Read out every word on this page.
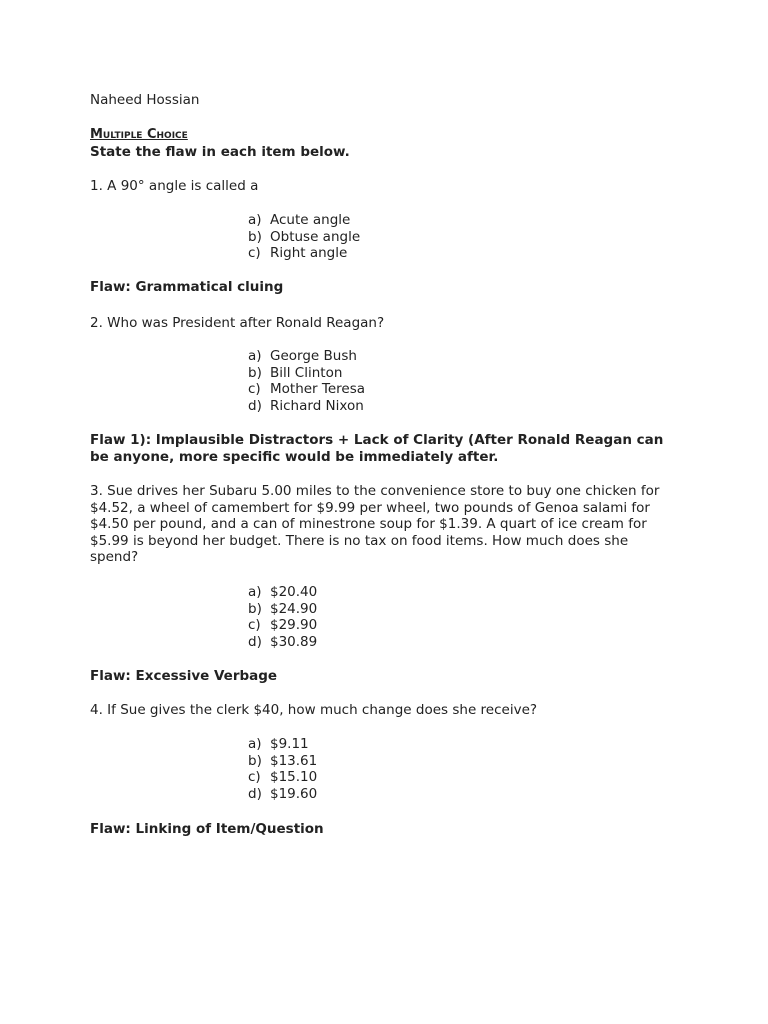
Naheed Hossian
Multiple Choice
State the flaw in each item below.
1. A 90° angle is called a
a) Acute angle
b) Obtuse angle
c) Right angle
Flaw: Grammatical cluing
2. Who was President after Ronald Reagan?
a) George Bush
b) Bill Clinton
c) Mother Teresa
d) Richard Nixon
Flaw 1): Implausible Distractors + Lack of Clarity (After Ronald Reagan can
be anyone, more specific would be immediately after.
3. Sue drives her Subaru 5.00 miles to the convenience store to buy one chicken for
$4.52, a wheel of camembert for $9.99 per wheel, two pounds of Genoa salami for
$4.50 per pound, and a can of minestrone soup for $1.39. A quart of ice cream for
$5.99 is beyond her budget. There is no tax on food items. How much does she
spend?
a) $20.40
b) $24.90
c) $29.90
d) $30.89
Flaw: Excessive Verbage
4. If Sue gives the clerk $40, how much change does she receive?
a) $9.11
b) $13.61
c) $15.10
d) $19.60
Flaw: Linking of Item/Question
